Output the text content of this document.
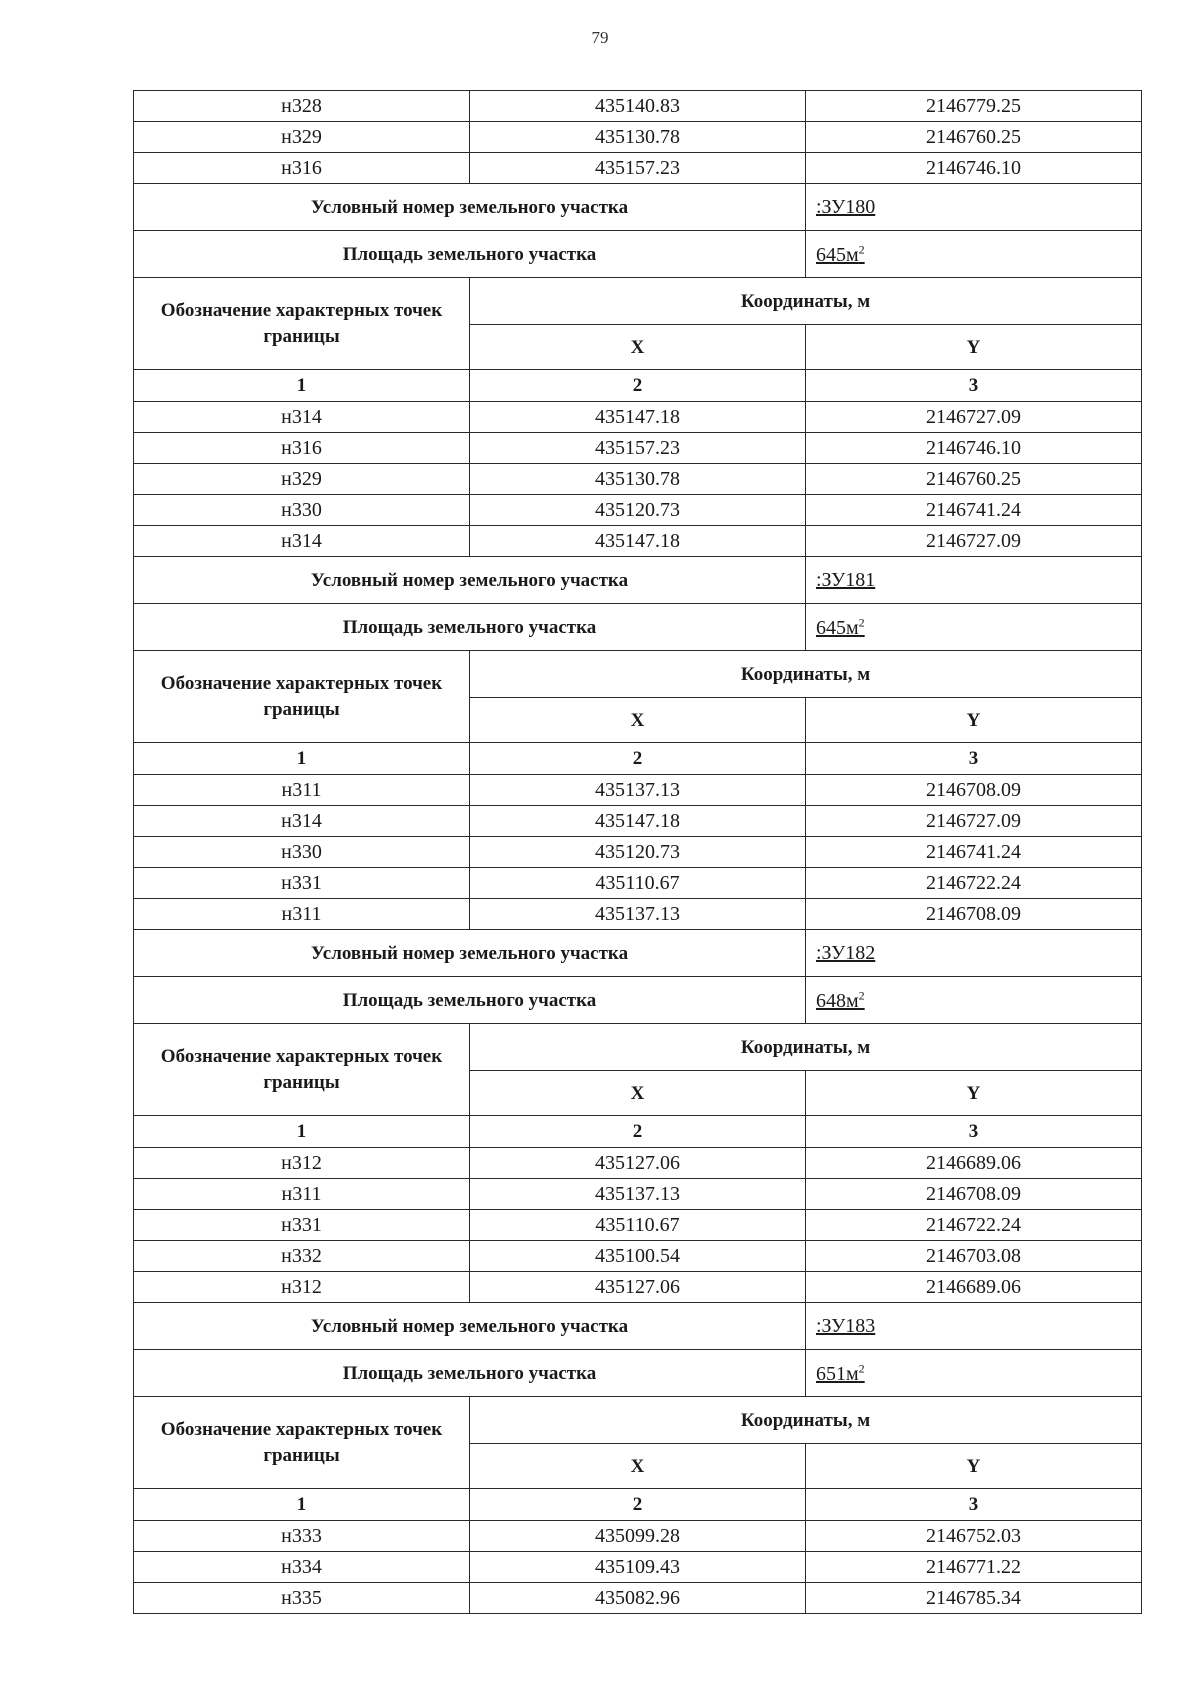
79
н328	435140.83	2146779.25
н329	435130.78	2146760.25
н316	435157.23	2146746.10
Условный номер земельного участка		:ЗУ180
Площадь земельного участка		$645м^2$
Обозначение характерных точек границы	Координаты, м	
	X	Y
1	2	3
н314	435147.18	2146727.09
н316	435157.23	2146746.10
н329	435130.78	2146760.25
н330	435120.73	2146741.24
н314	435147.18	2146727.09
Условный номер земельного участка		:ЗУ181
Площадь земельного участка		$645м^2$
Обозначение характерных точек границы	Координаты, м	
	X	Y
1	2	3
н311	435137.13	2146708.09
н314	435147.18	2146727.09
н330	435120.73	2146741.24
н331	435110.67	2146722.24
н311	435137.13	2146708.09
Условный номер земельного участка		:ЗУ182
Площадь земельного участка		$648м^2$
Обозначение характерных точек границы	Координаты, м	
	X	Y
1	2	3
н312	435127.06	2146689.06
н311	435137.13	2146708.09
н331	435110.67	2146722.24
н332	435100.54	2146703.08
н312	435127.06	2146689.06
Условный номер земельного участка		:ЗУ183
Площадь земельного участка		$651м^2$
Обозначение характерных точек границы	Координаты, м	
	X	Y
1	2	3
н333	435099.28	2146752.03
н334	435109.43	2146771.22
н335	435082.96	2146785.34
